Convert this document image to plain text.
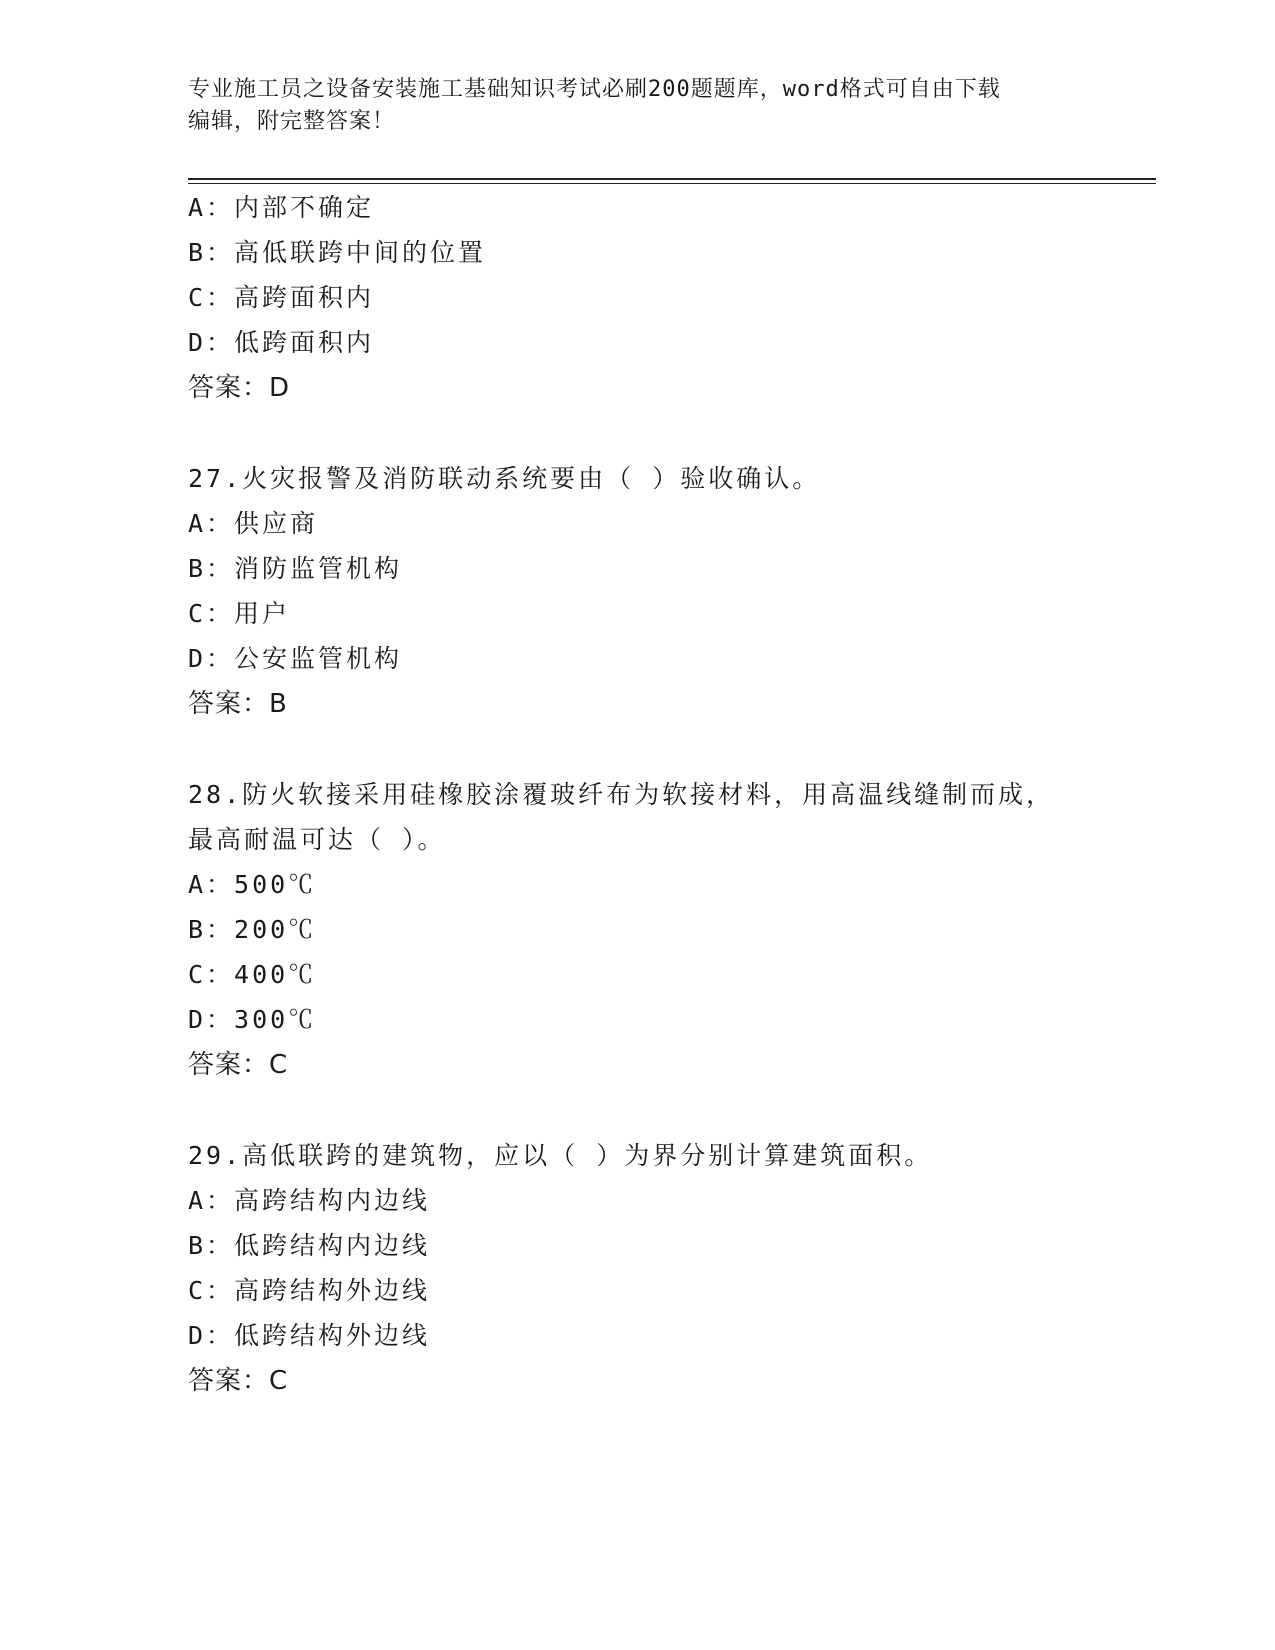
专业施工员之设备安装施工基础知识考试必刷200题题库，word格式可自由下载
编辑，附完整答案！
A：内部不确定
B：高低联跨中间的位置
C：高跨面积内
D：低跨面积内
答案：D
27.火灾报警及消防联动系统要由（ ）验收确认。
A：供应商
B：消防监管机构
C：用户
D：公安监管机构
答案：B
28.防火软接采用硅橡胶涂覆玻纤布为软接材料，用高温线缝制而成，
最高耐温可达（ ）。
A：500℃
B：200℃
C：400℃
D：300℃
答案：C
29.高低联跨的建筑物，应以（ ）为界分别计算建筑面积。
A：高跨结构内边线
B：低跨结构内边线
C：高跨结构外边线
D：低跨结构外边线
答案：C
